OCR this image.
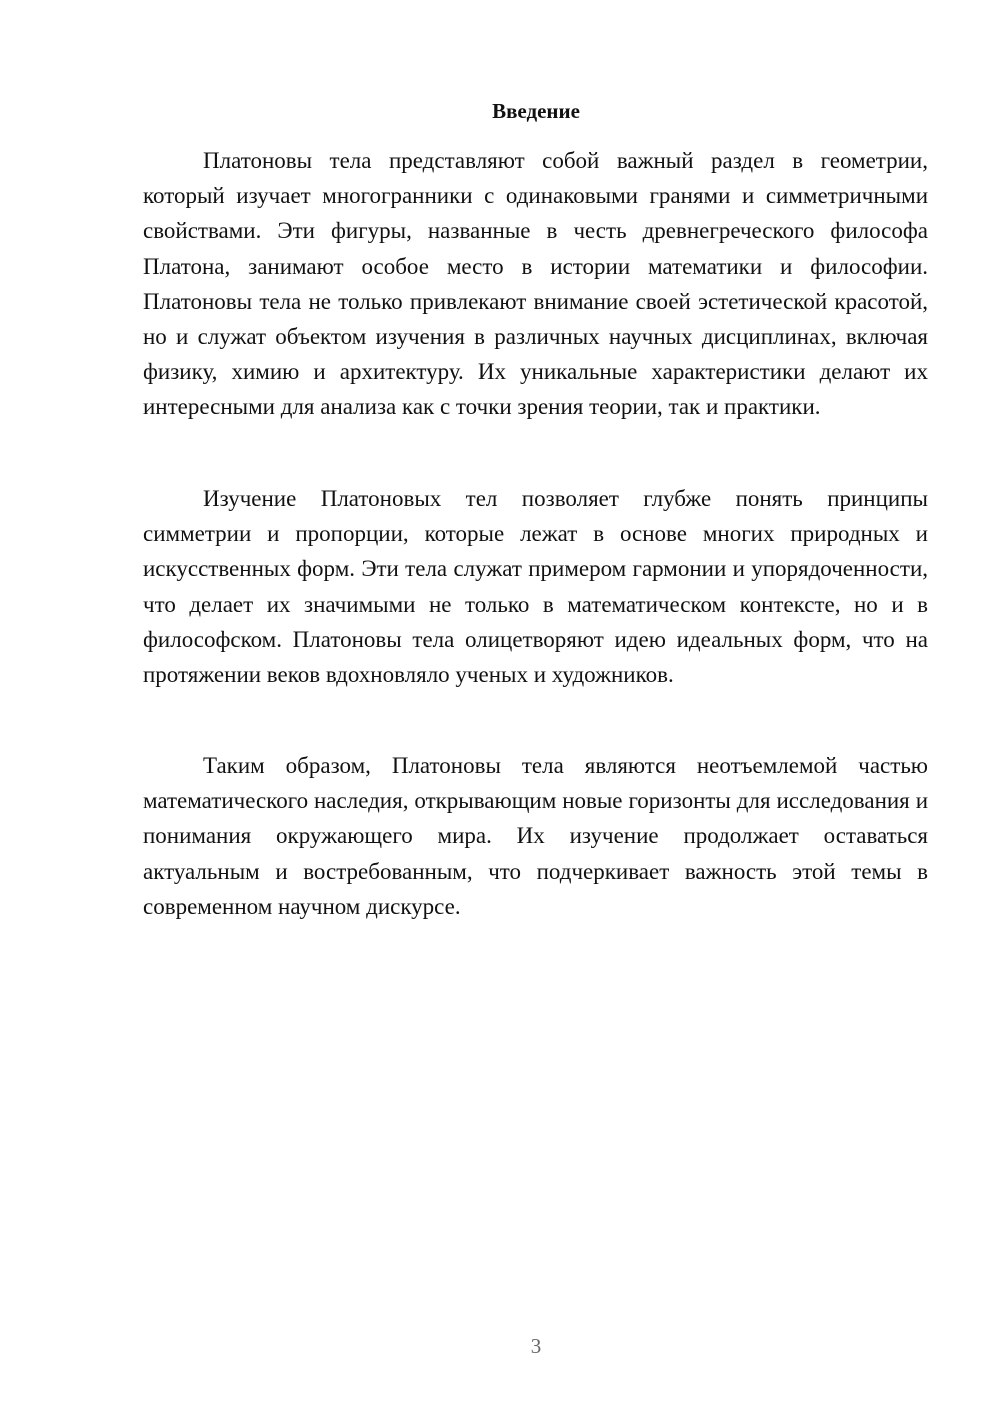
Введение

Платоновы тела представляют собой важный раздел в геометрии, который изучает многогранники с одинаковыми гранями и симметричными свойствами. Эти фигуры, названные в честь древнегреческого философа Платона, занимают особое место в истории математики и философии. Платоновы тела не только привлекают внимание своей эстетической красотой, но и служат объектом изучения в различных научных дисциплинах, включая физику, химию и архитектуру. Их уникальные характеристики делают их интересными для анализа как с точки зрения теории, так и практики.

Изучение Платоновых тел позволяет глубже понять принципы симметрии и пропорции, которые лежат в основе многих природных и искусственных форм. Эти тела служат примером гармонии и упорядоченности, что делает их значимыми не только в математическом контексте, но и в философском. Платоновы тела олицетворяют идею идеальных форм, что на протяжении веков вдохновляло ученых и художников.

Таким образом, Платоновы тела являются неотъемлемой частью математического наследия, открывающим новые горизонты для исследования и понимания окружающего мира. Их изучение продолжает оставаться актуальным и востребованным, что подчеркивает важность этой темы в современном научном дискурсе.

3
